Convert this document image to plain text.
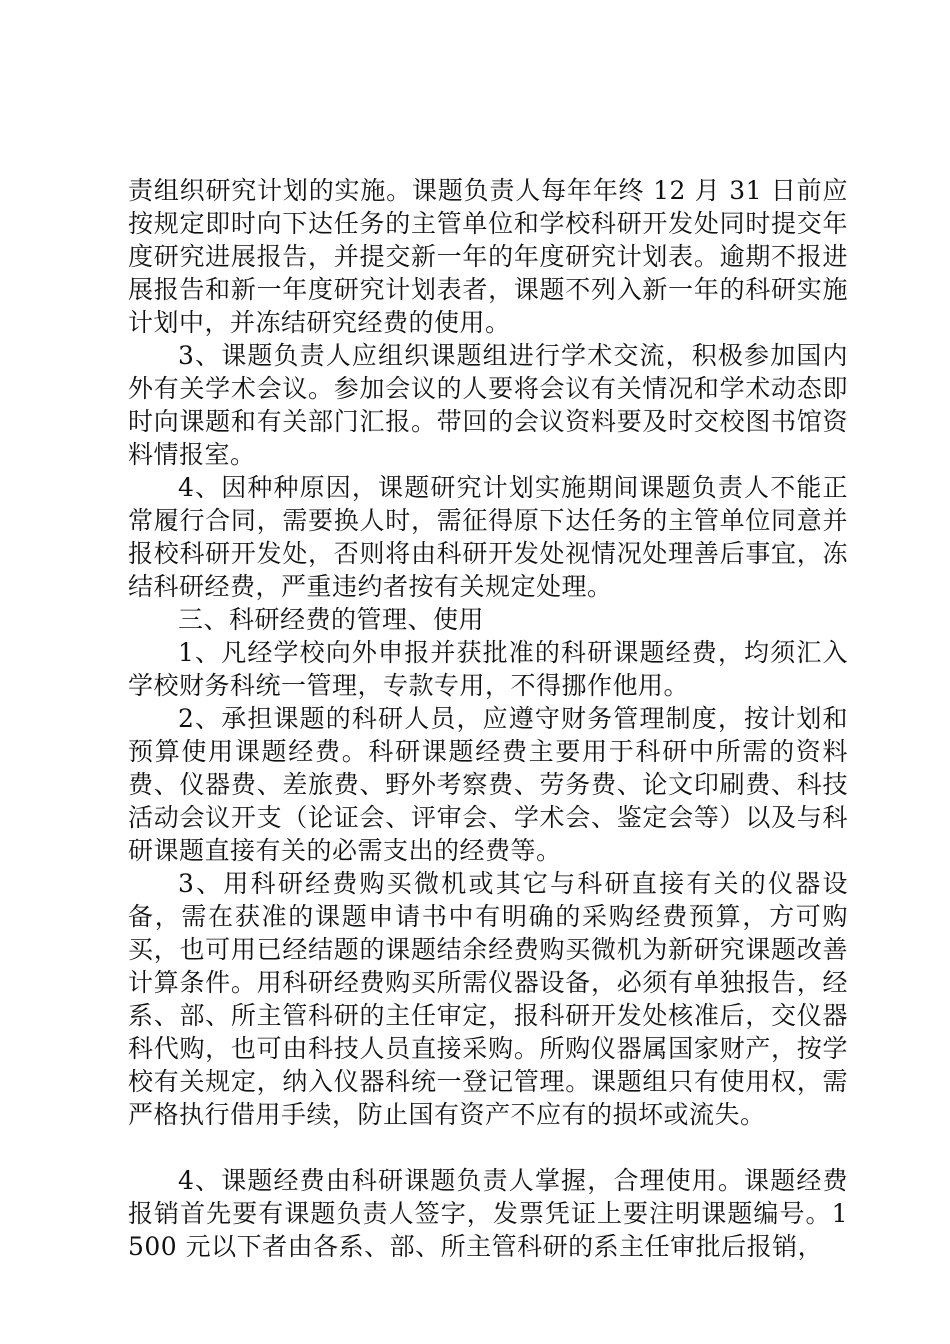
责组织研究计划的实施。课题负责人每年年终 12 月 31 日前应按规定即时向下达任务的主管单位和学校科研开发处同时提交年度研究进展报告，并提交新一年的年度研究计划表。逾期不报进展报告和新一年度研究计划表者，课题不列入新一年的科研实施计划中，并冻结研究经费的使用。

3、课题负责人应组织课题组进行学术交流，积极参加国内外有关学术会议。参加会议的人要将会议有关情况和学术动态即时向课题和有关部门汇报。带回的会议资料要及时交校图书馆资料情报室。

4、因种种原因，课题研究计划实施期间课题负责人不能正常履行合同，需要换人时，需征得原下达任务的主管单位同意并报校科研开发处，否则将由科研开发处视情况处理善后事宜，冻结科研经费，严重违约者按有关规定处理。

三、科研经费的管理、使用

1、凡经学校向外申报并获批准的科研课题经费，均须汇入学校财务科统一管理，专款专用，不得挪作他用。

2、承担课题的科研人员，应遵守财务管理制度，按计划和预算使用课题经费。科研课题经费主要用于科研中所需的资料费、仪器费、差旅费、野外考察费、劳务费、论文印刷费、科技活动会议开支（论证会、评审会、学术会、鉴定会等）以及与科研课题直接有关的必需支出的经费等。

3、用科研经费购买微机或其它与科研直接有关的仪器设备，需在获准的课题申请书中有明确的采购经费预算，方可购买，也可用已经结题的课题结余经费购买微机为新研究课题改善计算条件。用科研经费购买所需仪器设备，必须有单独报告，经系、部、所主管科研的主任审定，报科研开发处核准后，交仪器科代购，也可由科技人员直接采购。所购仪器属国家财产，按学校有关规定，纳入仪器科统一登记管理。课题组只有使用权，需严格执行借用手续，防止国有资产不应有的损坏或流失。

4、课题经费由科研课题负责人掌握，合理使用。课题经费报销首先要有课题负责人签字，发票凭证上要注明课题编号。1500 元以下者由各系、部、所主管科研的系主任审批后报销，
